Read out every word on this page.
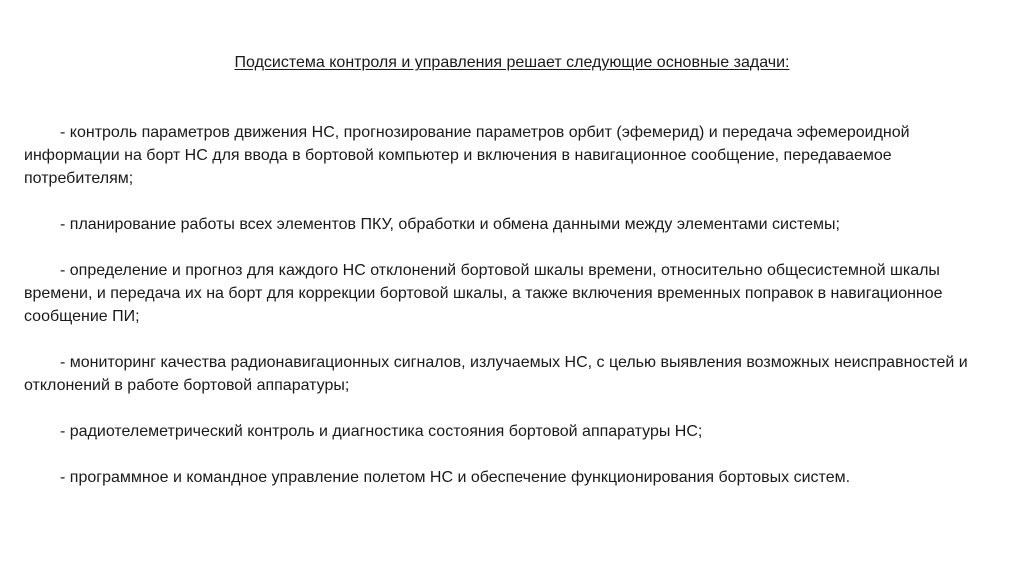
Подсистема контроля и управления решает следующие основные задачи:

- контроль параметров движения НС, прогнозирование параметров орбит (эфемерид) и передача эфемероидной информации на борт НС для ввода в бортовой компьютер и включения в навигационное сообщение, передаваемое потребителям;

- планирование работы всех элементов ПКУ, обработки и обмена данными между элементами системы;

- определение и прогноз для каждого НС отклонений бортовой шкалы времени, относительно общесистемной шкалы времени, и передача их на борт для коррекции бортовой шкалы, а также включения временных поправок в навигационное сообщение ПИ;

- мониторинг качества радионавигационных сигналов, излучаемых НС, с целью выявления возможных неисправностей и отклонений в работе бортовой аппаратуры;

- радиотелеметрический контроль и диагностика состояния бортовой аппаратуры НС;

- программное и командное управление полетом НС и обеспечение функционирования бортовых систем.
